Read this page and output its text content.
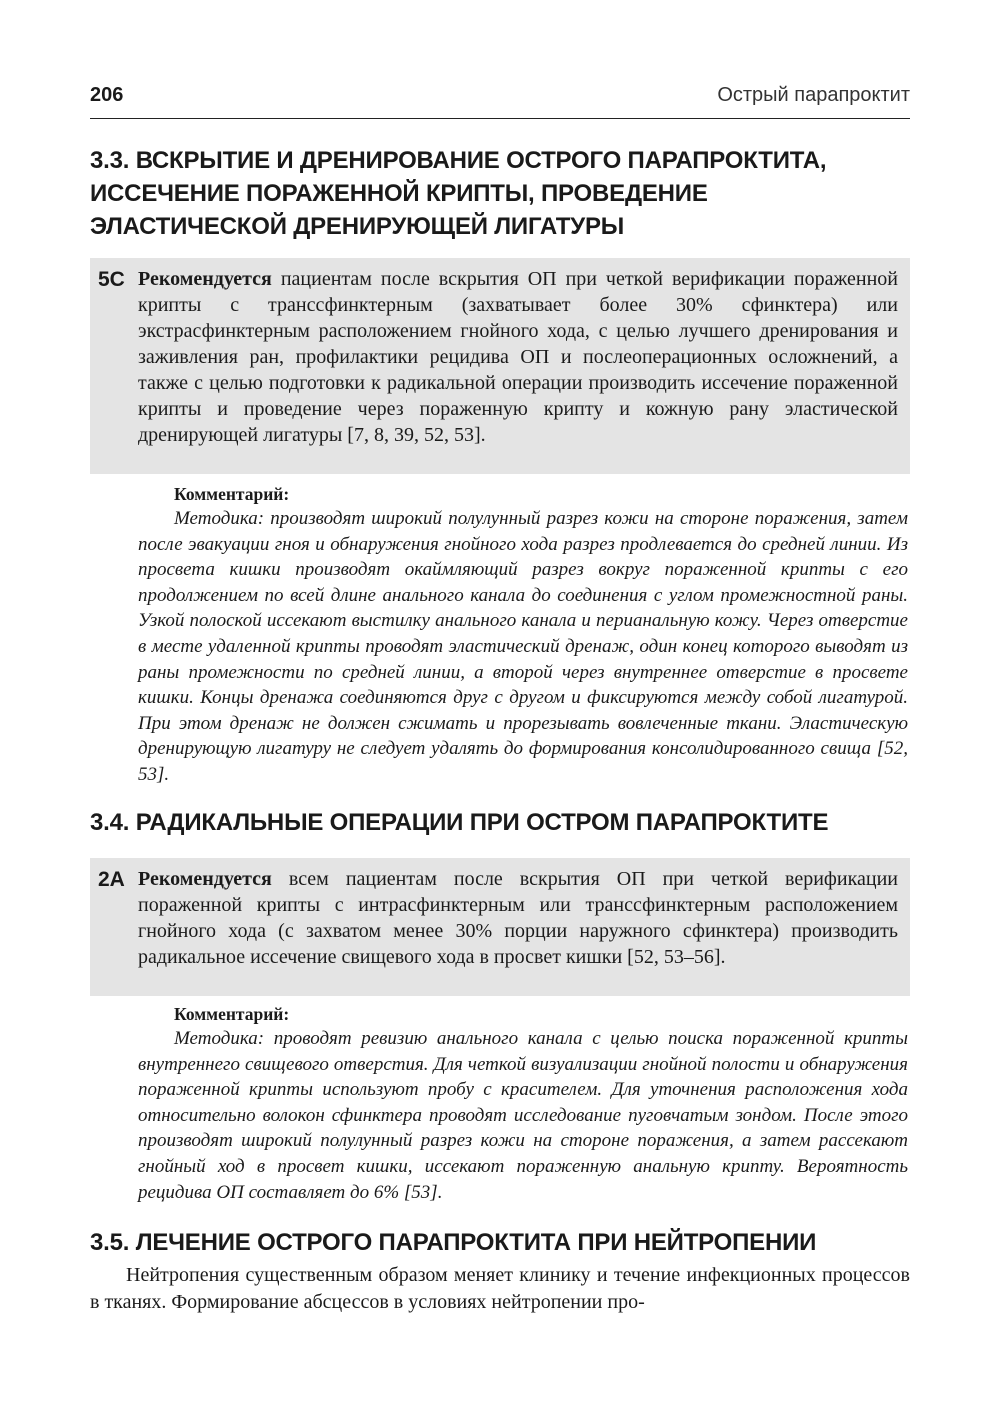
206	Острый парапроктит
3.3. ВСКРЫТИЕ И ДРЕНИРОВАНИЕ ОСТРОГО ПАРАПРОКТИТА, ИССЕЧЕНИЕ ПОРАЖЕННОЙ КРИПТЫ, ПРОВЕДЕНИЕ ЭЛАСТИЧЕСКОЙ ДРЕНИРУЮЩЕЙ ЛИГАТУРЫ
5C Рекомендуется пациентам после вскрытия ОП при четкой верификации пораженной крипты с транссфинктерным (захватывает более 30% сфинктера) или экстрасфинктерным расположением гнойного хода, с целью лучшего дренирования и заживления ран, профилактики рецидива ОП и послеоперационных осложнений, а также с целью подготовки к радикальной операции производить иссечение пораженной крипты и проведение через пораженную крипту и кожную рану эластической дренирующей лигатуры [7, 8, 39, 52, 53].

Комментарий:

Методика: производят широкий полулунный разрез кожи на стороне поражения, затем после эвакуации гноя и обнаружения гнойного хода разрез продлевается до средней линии. Из просвета кишки производят окаймляющий разрез вокруг пораженной крипты с его продолжением по всей длине анального канала до соединения с углом промежностной раны. Узкой полоской иссекают выстилку анального канала и перианальную кожу. Через отверстие в месте удаленной крипты проводят эластический дренаж, один конец которого выводят из раны промежности по средней линии, а второй через внутреннее отверстие в просвете кишки. Концы дренажа соединяются друг с другом и фиксируются между собой лигатурой. При этом дренаж не должен сжимать и прорезывать вовлеченные ткани. Эластическую дренирующую лигатуру не следует удалять до формирования консолидированного свища [52, 53].

3.4. РАДИКАЛЬНЫЕ ОПЕРАЦИИ ПРИ ОСТРОМ ПАРАПРОКТИТЕ
2A Рекомендуется всем пациентам после вскрытия ОП при четкой верификации пораженной крипты с интрасфинктерным или транссфинктерным расположением гнойного хода (с захватом менее 30% порции наружного сфинктера) производить радикальное иссечение свищевого хода в просвет кишки [52, 53–56].

Комментарий:

Методика: проводят ревизию анального канала с целью поиска пораженной крипты внутреннего свищевого отверстия. Для четкой визуализации гнойной полости и обнаружения пораженной крипты используют пробу с красителем. Для уточнения расположения хода относительно волокон сфинктера проводят исследование пуговчатым зондом. После этого производят широкий полулунный разрез кожи на стороне поражения, а затем рассекают гнойный ход в просвет кишки, иссекают пораженную анальную крипту. Вероятность рецидива ОП составляет до 6% [53].

3.5. ЛЕЧЕНИЕ ОСТРОГО ПАРАПРОКТИТА ПРИ НЕЙТРОПЕНИИ

Нейтропения существенным образом меняет клинику и течение инфекционных процессов в тканях. Формирование абсцессов в условиях нейтропении про-
